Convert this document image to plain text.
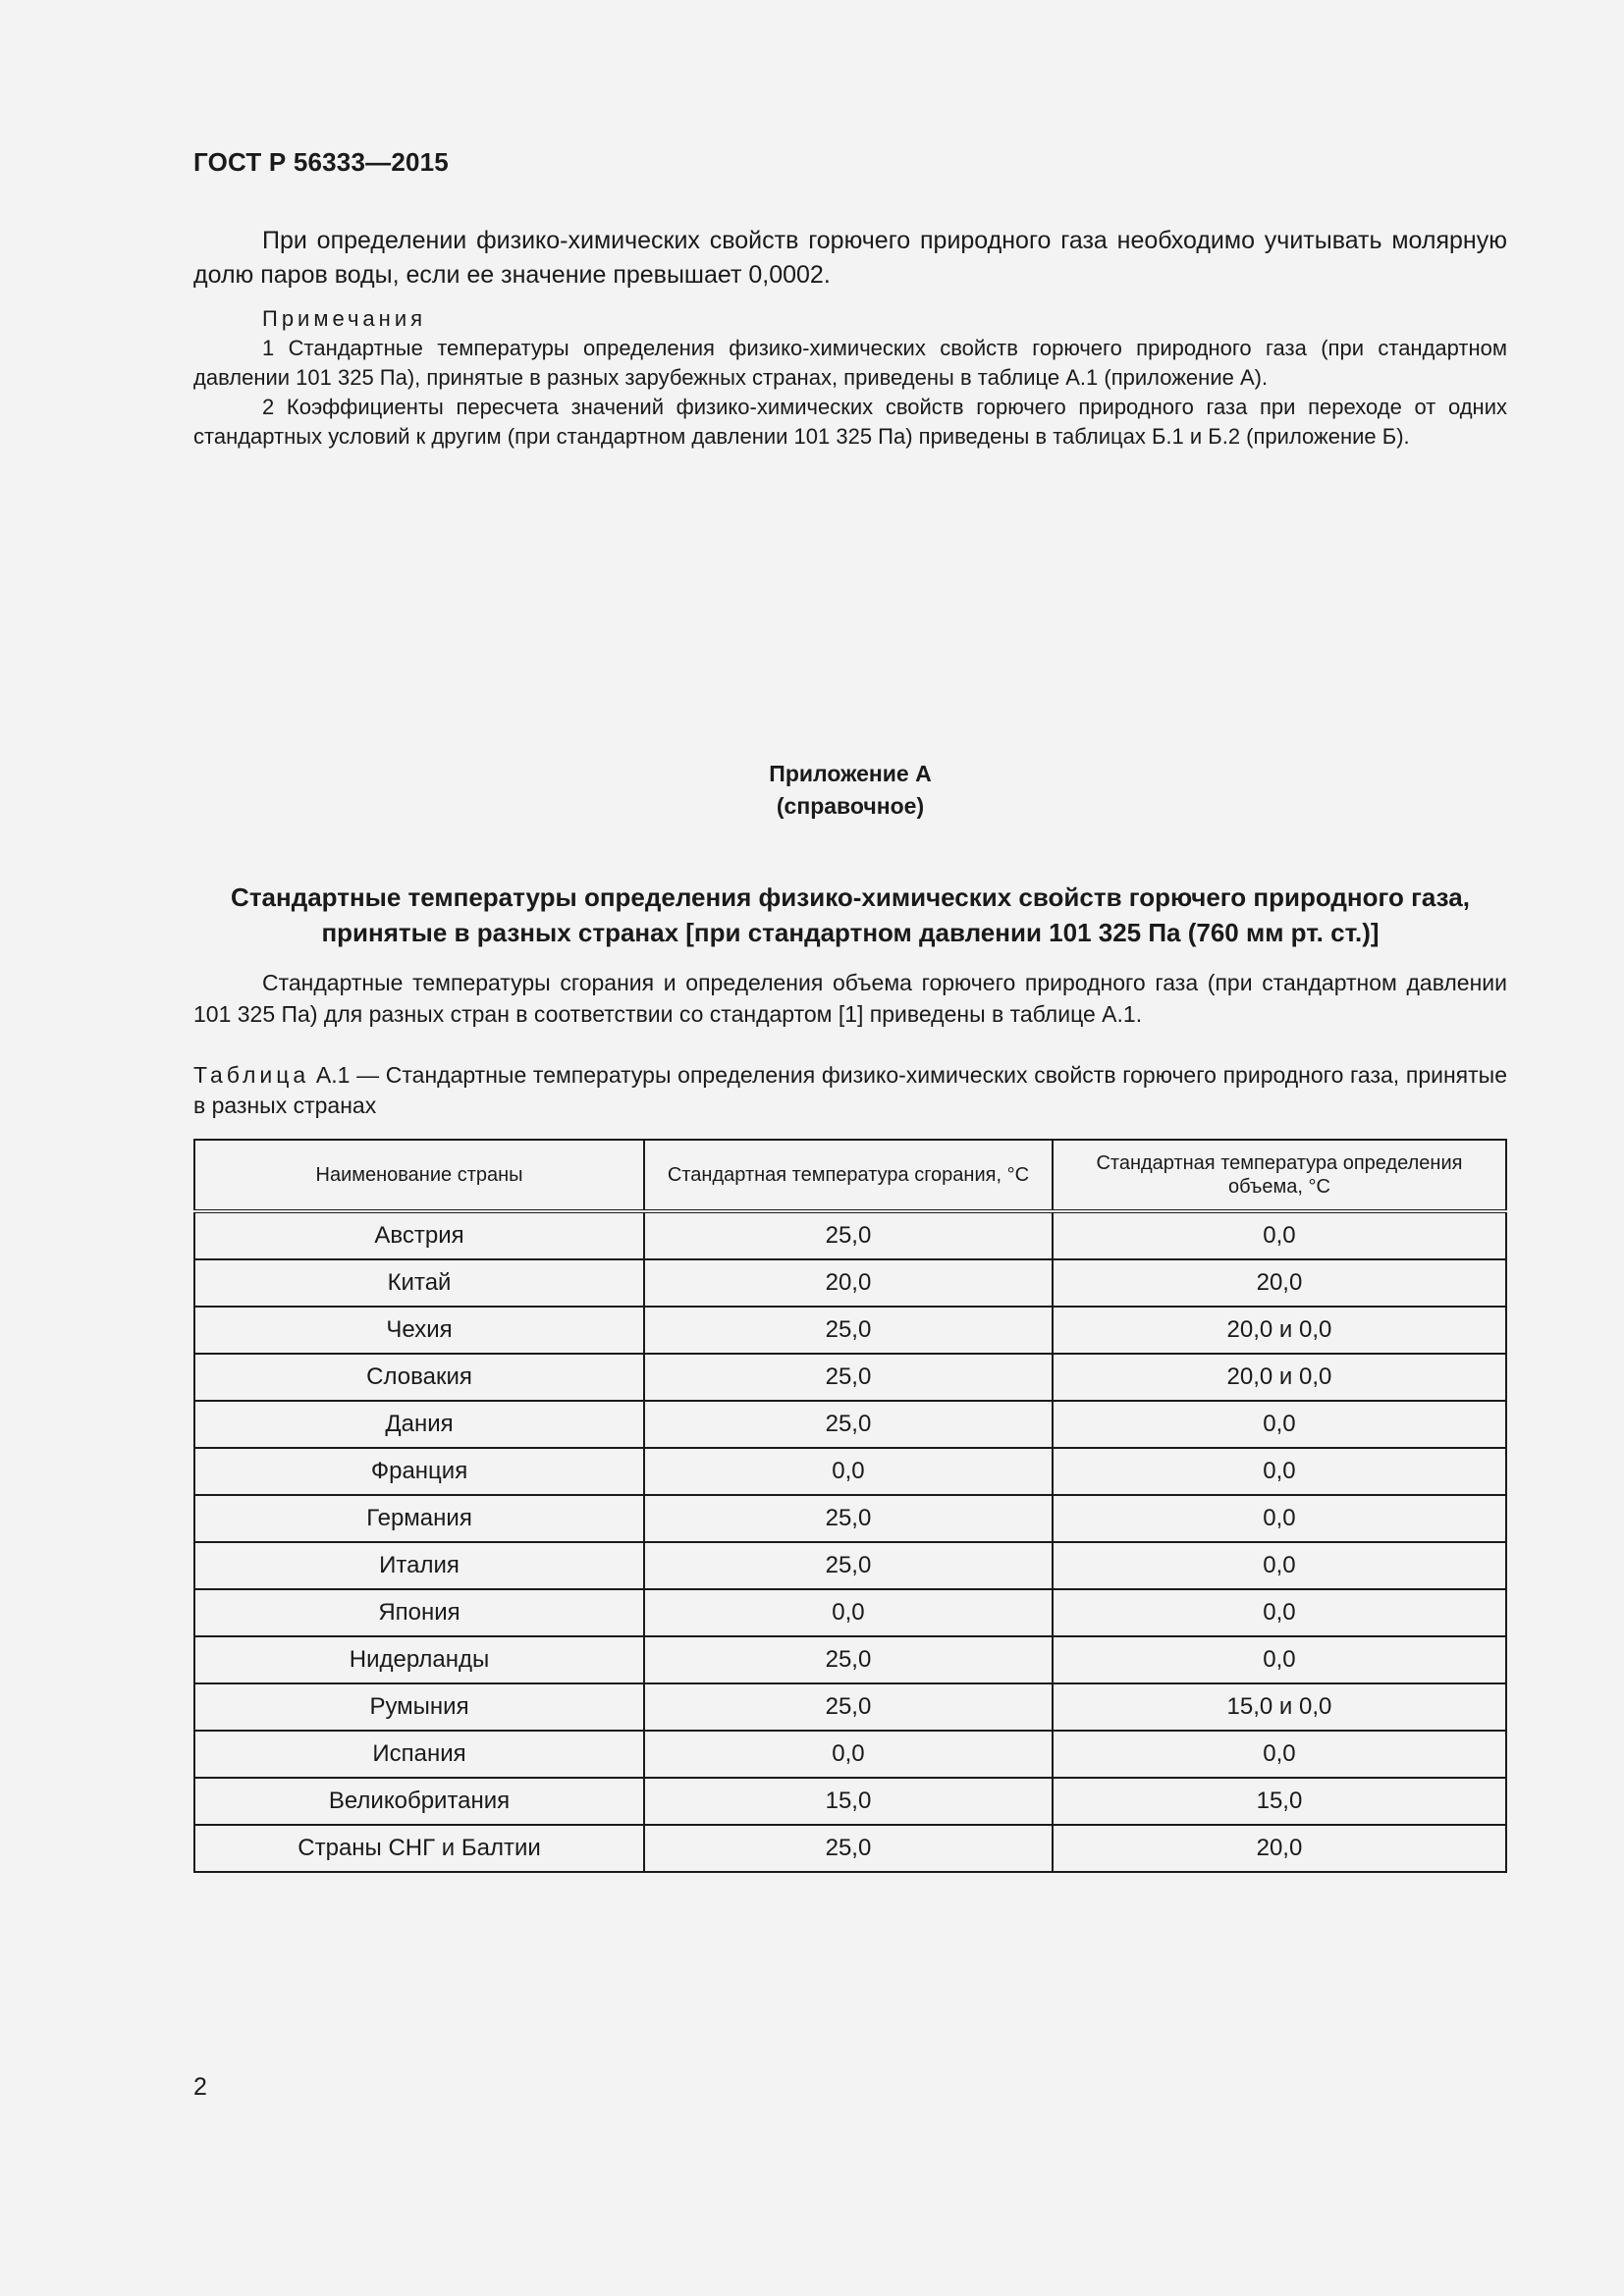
ГОСТ Р 56333—2015
При определении физико-химических свойств горючего природного газа необходимо учитывать молярную долю паров воды, если ее значение превышает 0,0002.
Примечания
1 Стандартные температуры определения физико-химических свойств горючего природного газа (при стандартном давлении 101 325 Па), принятые в разных зарубежных странах, приведены в таблице А.1 (приложение А).
2 Коэффициенты пересчета значений физико-химических свойств горючего природного газа при переходе от одних стандартных условий к другим (при стандартном давлении 101 325 Па) приведены в таблицах Б.1 и Б.2 (приложение Б).
Приложение А
(справочное)
Стандартные температуры определения физико-химических свойств горючего природного газа, принятые в разных странах [при стандартном давлении 101 325 Па (760 мм рт. ст.)]
Стандартные температуры сгорания и определения объема горючего природного газа (при стандартном давлении 101 325 Па) для разных стран в соответствии со стандартом [1] приведены в таблице А.1.
Таблица А.1 — Стандартные температуры определения физико-химических свойств горючего природного газа, принятые в разных странах
Наименование страны	Стандартная температура сгорания, °С	Стандартная температура определения объема, °С
Австрия	25,0	0,0
Китай	20,0	20,0
Чехия	25,0	20,0 и 0,0
Словакия	25,0	20,0 и 0,0
Дания	25,0	0,0
Франция	0,0	0,0
Германия	25,0	0,0
Италия	25,0	0,0
Япония	0,0	0,0
Нидерланды	25,0	0,0
Румыния	25,0	15,0 и 0,0
Испания	0,0	0,0
Великобритания	15,0	15,0
Страны СНГ и Балтии	25,0	20,0
2
